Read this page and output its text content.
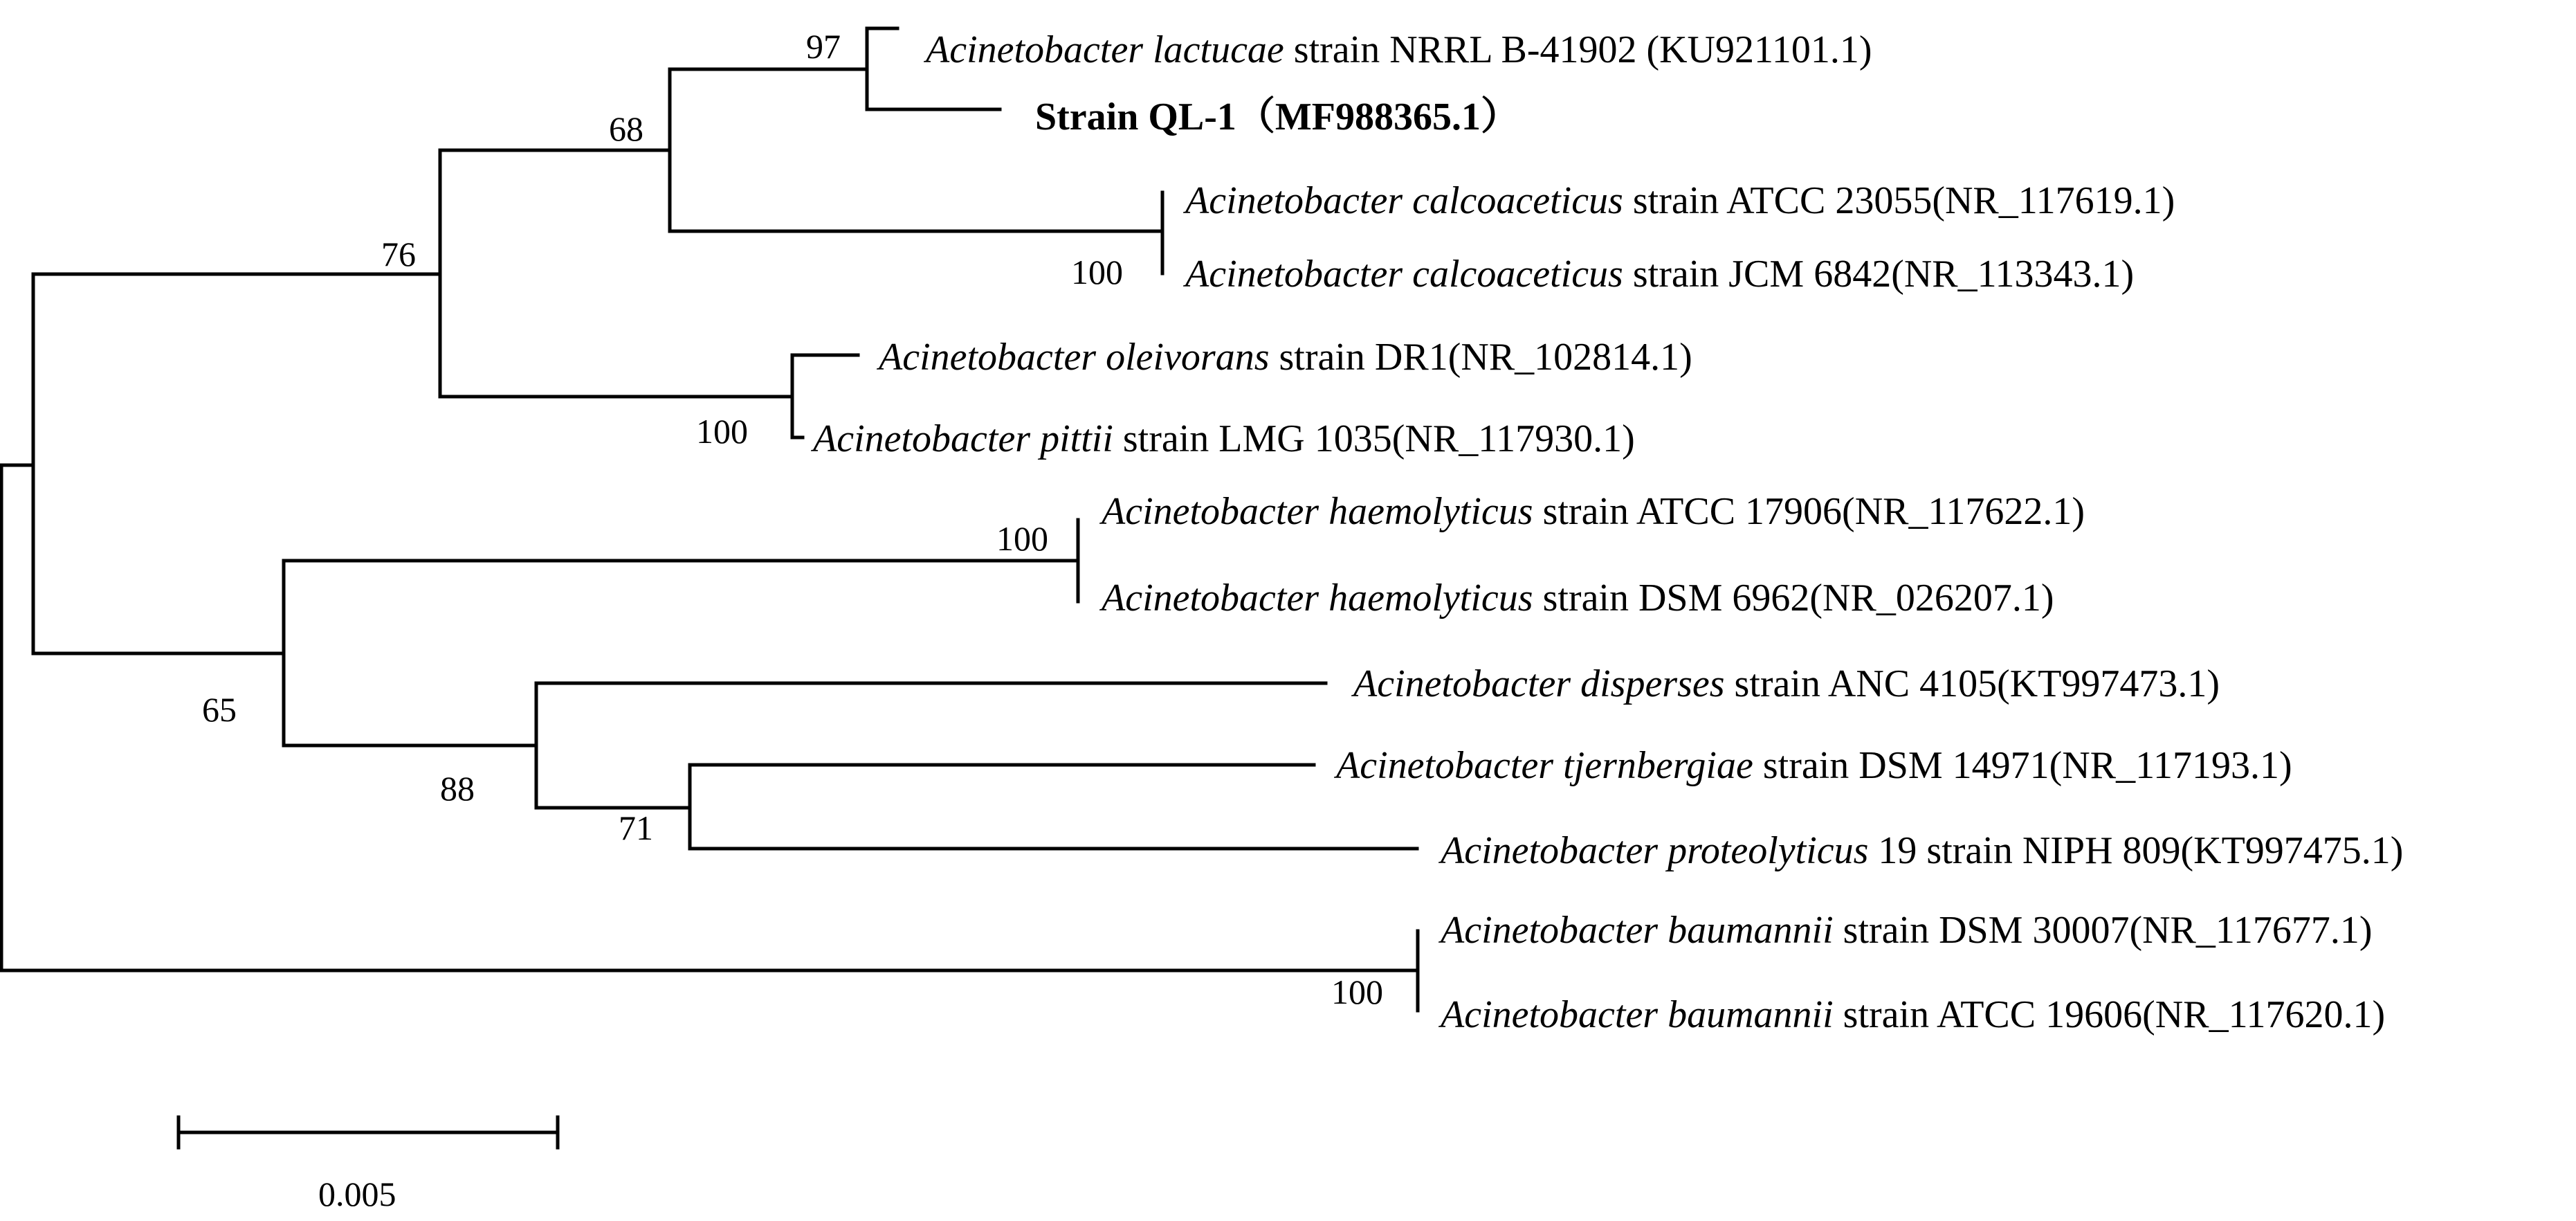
Acinetobacter lactucae strain NRRL B-41902 (KU921101.1)
Strain QL-1（MF988365.1）
Acinetobacter calcoaceticus strain ATCC 23055(NR_117619.1)
Acinetobacter calcoaceticus strain JCM 6842(NR_113343.1)
Acinetobacter oleivorans strain DR1(NR_102814.1)
Acinetobacter pittii strain LMG 1035(NR_117930.1)
Acinetobacter haemolyticus strain ATCC 17906(NR_117622.1)
Acinetobacter haemolyticus strain DSM 6962(NR_026207.1)
Acinetobacter disperses strain ANC 4105(KT997473.1)
Acinetobacter tjernbergiae strain DSM 14971(NR_117193.1)
Acinetobacter proteolyticus 19 strain NIPH 809(KT997475.1)
Acinetobacter baumannii strain DSM 30007(NR_117677.1)
Acinetobacter baumannii strain ATCC 19606(NR_117620.1)
97
68
76	100
100
100
65
88
71
100
0.005
